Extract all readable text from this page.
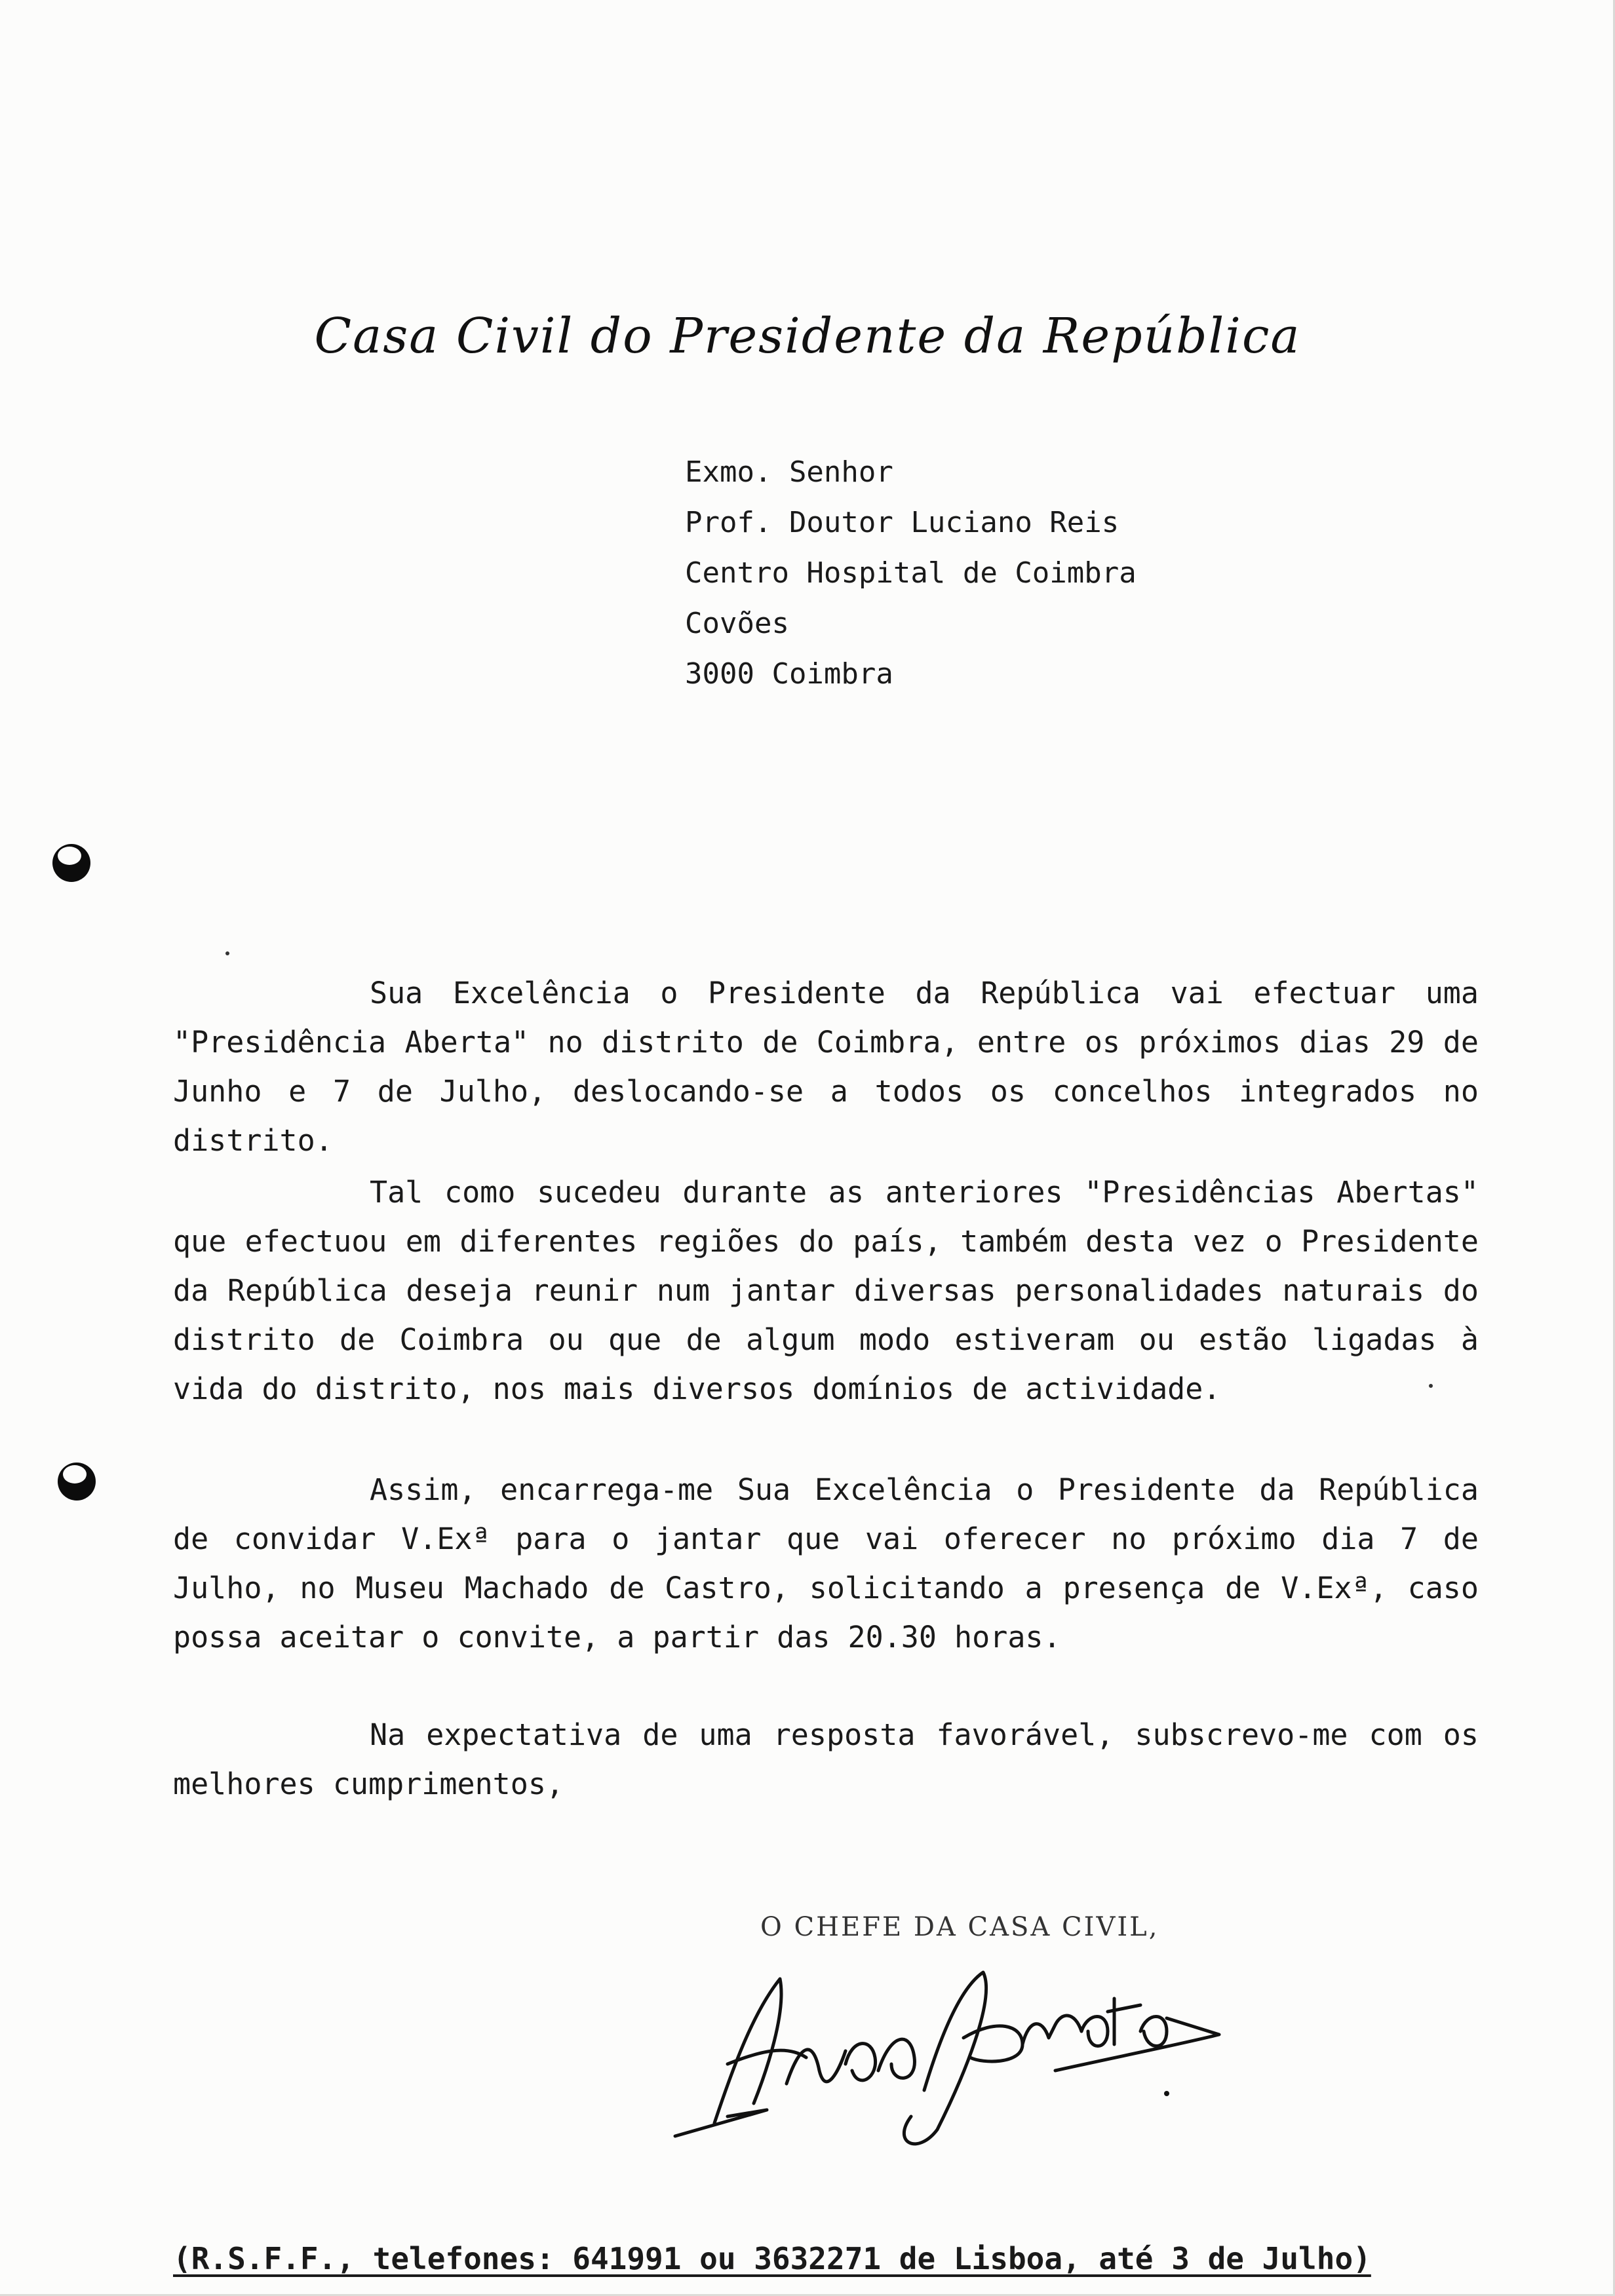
Casa Civil do Presidente da República
Exmo. Senhor
Prof. Doutor Luciano Reis
Centro Hospital de Coimbra
Covões
3000 Coimbra

Sua Excelência o Presidente da República vai efectuar uma "Presidência Aberta" no distrito de Coimbra, entre os próximos dias 29 de Junho e 7 de Julho, deslocando-se a todos os concelhos integrados no distrito.

Tal como sucedeu durante as anteriores "Presidências Abertas" que efectuou em diferentes regiões do país, também desta vez o Presidente da República deseja reunir num jantar diversas personalidades naturais do distrito de Coimbra ou que de algum modo estiveram ou estão ligadas à vida do distrito, nos mais diversos domínios de actividade.

Assim, encarrega-me Sua Excelência o Presidente da República de convidar V.Exª para o jantar que vai oferecer no próximo dia 7 de Julho, no Museu Machado de Castro, solicitando a presença de V.Exª, caso possa aceitar o convite, a partir das 20.30 horas.

Na expectativa de uma resposta favorável, subscrevo-me com os melhores cumprimentos,

O CHEFE DA CASA CIVIL,
(R.S.F.F., telefones: 641991 ou 3632271 de Lisboa, até 3 de Julho)
